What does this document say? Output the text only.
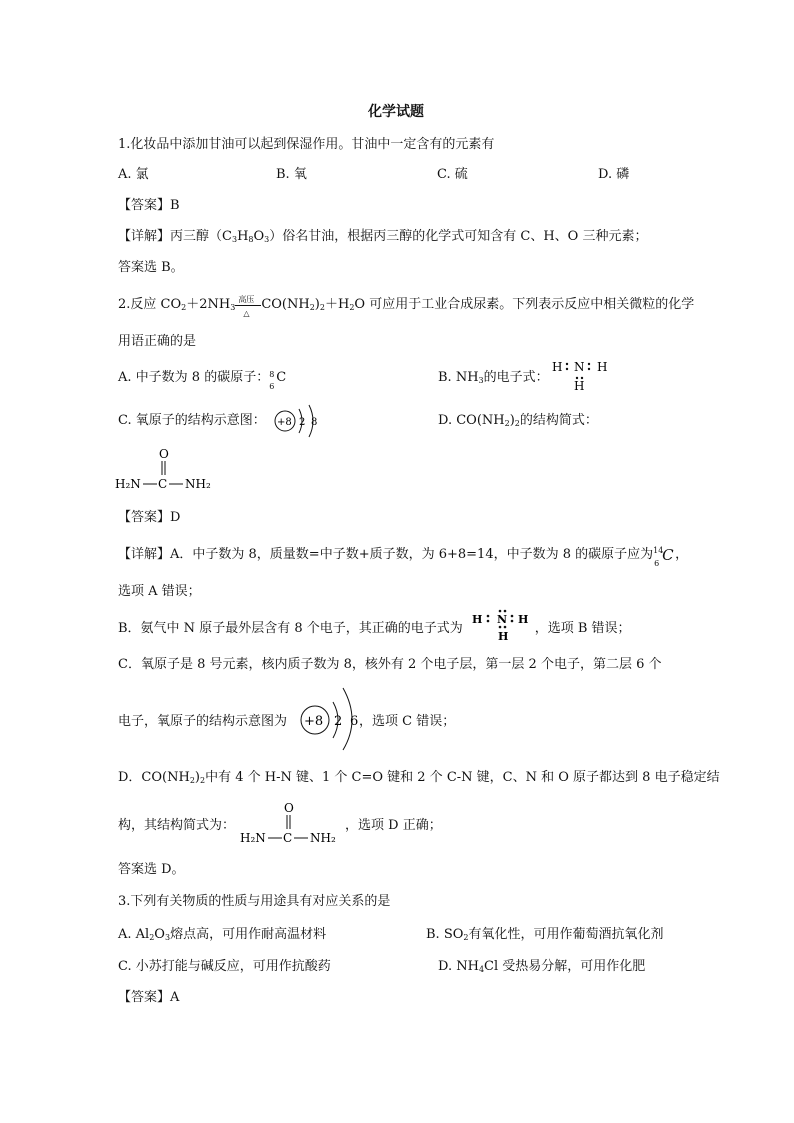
化学试题
1.化妆品中添加甘油可以起到保湿作用。甘油中一定含有的元素有
A. 氯	B. 氧	C. 硫	D. 磷
【答案】B
【详解】丙三醇$(C_3H_8O_3)$俗名甘油，根据丙三醇的化学式可知含有 C、H、O 三种元素；
答案选 B。
2.反应 $CO_2+2NH_3$
高压
△
$CO(NH_2)_2+H_2O$ 可应用于工业合成尿素。下列表示反应中相关微粒的化学
用语正确的是
A. 中子数为 8 的碳原子： 8
6
C	B. $NH_3$的电子式：
H N H
H
C. 氧原子的结构示意图： +8 2 8	D. $CO(NH_2)_2$的结构简式：
O
H₂N C NH₂
【答案】D
【详解】A．中子数为 8，质量数=中子数+质子数，为 6+8=14，中子数为 8 的碳原子应为 14
6 C ，
选项 A 错误；
B．氨气中 N 原子最外层含有 8 个电子，其正确的电子式为	，选项 B 错误；
H N H
H
C．氧原子是 8 号元素，核内质子数为 8，核外有 2 个电子层，第一层 2 个电子，第二层 6 个
电子，氧原子的结构示意图为	，选项 C 错误；
+8 2 6
D．$CO(NH_2)_2$中有 4 个 H-N 键、1 个 C=O 键和 2 个 C-N 键，C、N 和 O 原子都达到 8 电子稳定结
构，其结构简式为：	，选项 D 正确；
O
H₂N C NH₂
答案选 D。
3.下列有关物质的性质与用途具有对应关系的是
A. $Al_2O_3$熔点高，可用作耐高温材料	B. $SO_2$有氧化性，可用作葡萄酒抗氧化剂
C. 小苏打能与碱反应，可用作抗酸药	D. $NH_4Cl$ 受热易分解，可用作化肥
【答案】A
